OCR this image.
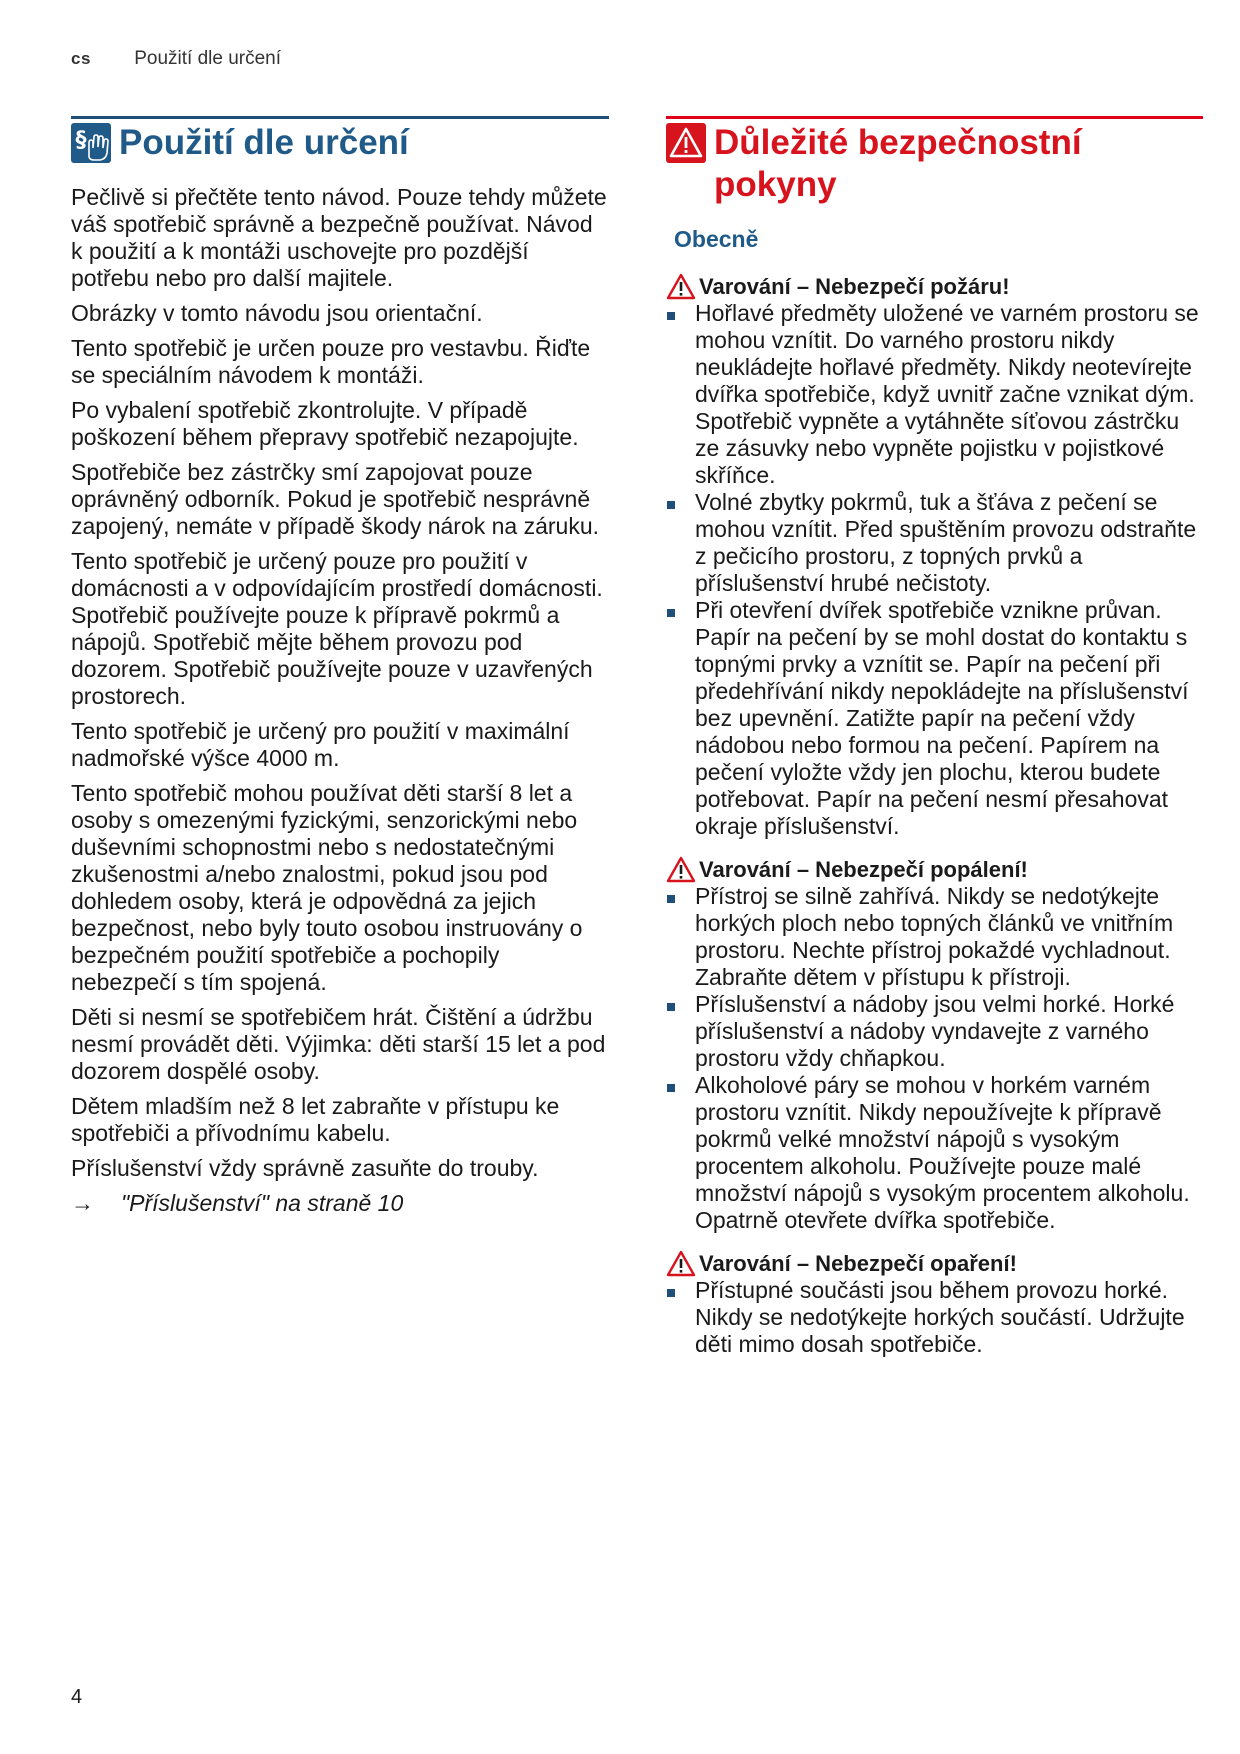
cs Použití dle určení
§ Použití dle určení

Pečlivě si přečtěte tento návod. Pouze tehdy můžete váš spotřebič správně a bezpečně používat. Návod k použití a k montáži uschovejte pro pozdější potřebu nebo pro další majitele.

Obrázky v tomto návodu jsou orientační.

Tento spotřebič je určen pouze pro vestavbu. Řiďte se speciálním návodem k montáži.

Po vybalení spotřebič zkontrolujte. V případě poškození během přepravy spotřebič nezapojujte.

Spotřebiče bez zástrčky smí zapojovat pouze oprávněný odborník. Pokud je spotřebič nesprávně zapojený, nemáte v případě škody nárok na záruku.

Tento spotřebič je určený pouze pro použití v domácnosti a v odpovídajícím prostředí domácnosti. Spotřebič používejte pouze k přípravě pokrmů a nápojů. Spotřebič mějte během provozu pod dozorem. Spotřebič používejte pouze v uzavřených prostorech.

Tento spotřebič je určený pro použití v maximální nadmořské výšce 4000 m.

Tento spotřebič mohou používat děti starší 8 let a osoby s omezenými fyzickými, senzorickými nebo duševními schopnostmi nebo s nedostatečnými zkušenostmi a/nebo znalostmi, pokud jsou pod dohledem osoby, která je odpovědná za jejich bezpečnost, nebo byly touto osobou instruovány o bezpečném použití spotřebiče a pochopily nebezpečí s tím spojená.

Děti si nesmí se spotřebičem hrát. Čištění a údržbu nesmí provádět děti. Výjimka: děti starší 15 let a pod dozorem dospělé osoby.

Dětem mladším než 8 let zabraňte v přístupu ke spotřebiči a přívodnímu kabelu.

Příslušenství vždy správně zasuňte do trouby.

→	"Příslušenství" na straně 10
Důležité bezpečnostní pokyny
Obecně
Varování – Nebezpečí požáru!
Hořlavé předměty uložené ve varném prostoru se mohou vznítit. Do varného prostoru nikdy neukládejte hořlavé předměty. Nikdy neotevírejte dvířka spotřebiče, když uvnitř začne vznikat dým. Spotřebič vypněte a vytáhněte síťovou zástrčku ze zásuvky nebo vypněte pojistku v pojistkové skříňce.
Volné zbytky pokrmů, tuk a šťáva z pečení se mohou vznítit. Před spuštěním provozu odstraňte z pečicího prostoru, z topných prvků a příslušenství hrubé nečistoty.
Při otevření dvířek spotřebiče vznikne průvan. Papír na pečení by se mohl dostat do kontaktu s topnými prvky a vznítit se. Papír na pečení při předehřívání nikdy nepokládejte na příslušenství bez upevnění. Zatižte papír na pečení vždy nádobou nebo formou na pečení. Papírem na pečení vyložte vždy jen plochu, kterou budete potřebovat. Papír na pečení nesmí přesahovat okraje příslušenství.
Varování – Nebezpečí popálení!
Přístroj se silně zahřívá. Nikdy se nedotýkejte horkých ploch nebo topných článků ve vnitřním prostoru. Nechte přístroj pokaždé vychladnout. Zabraňte dětem v přístupu k přístroji.
Příslušenství a nádoby jsou velmi horké. Horké příslušenství a nádoby vyndavejte z varného prostoru vždy chňapkou.
Alkoholové páry se mohou v horkém varném prostoru vznítit. Nikdy nepoužívejte k přípravě pokrmů velké množství nápojů s vysokým procentem alkoholu. Používejte pouze malé množství nápojů s vysokým procentem alkoholu. Opatrně otevřete dvířka spotřebiče.
Varování – Nebezpečí opaření!
Přístupné součásti jsou během provozu horké. Nikdy se nedotýkejte horkých součástí. Udržujte děti mimo dosah spotřebiče.
4
